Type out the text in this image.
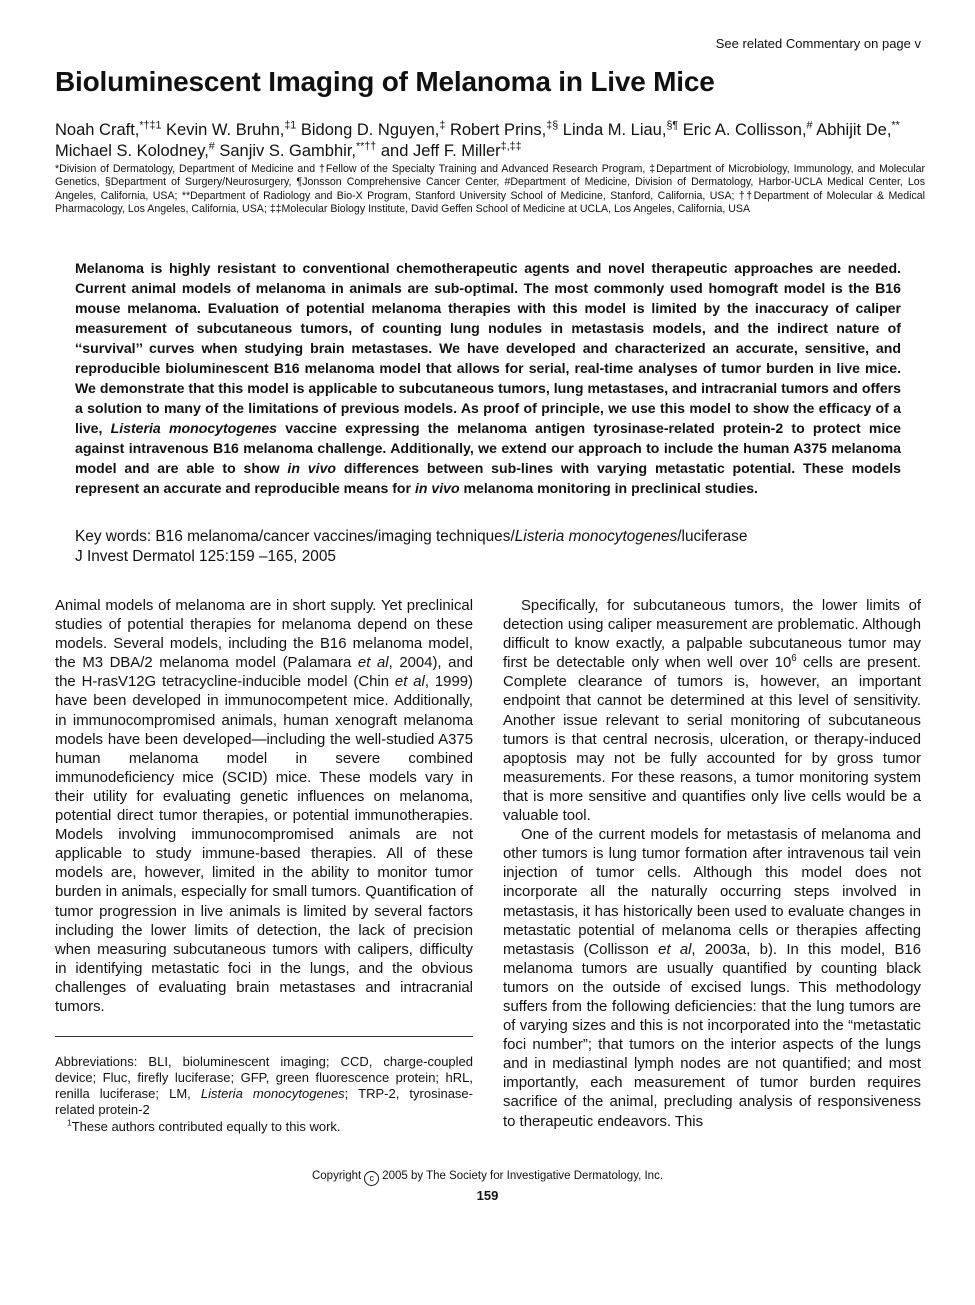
See related Commentary on page v
Bioluminescent Imaging of Melanoma in Live Mice
Noah Craft,$^{*\dagger\ddagger 1}$ Kevin W. Bruhn,$^{\ddagger 1}$ Bidong D. Nguyen,‡ Robert Prins,‡§ Linda M. Liau,§¶ Eric A. Collisson,# Abhijit De,** Michael S. Kolodney,# Sanjiv S. Gambhir,**†† and Jeff F. Miller‡,‡‡
*Division of Dermatology, Department of Medicine and †Fellow of the Specialty Training and Advanced Research Program, ‡Department of Microbiology, Immunology, and Molecular Genetics, §Department of Surgery/Neurosurgery, ¶Jonsson Comprehensive Cancer Center, #Department of Medicine, Division of Dermatology, Harbor-UCLA Medical Center, Los Angeles, California, USA; **Department of Radiology and Bio-X Program, Stanford University School of Medicine, Stanford, California, USA; ††Department of Molecular & Medical Pharmacology, Los Angeles, California, USA; ‡‡Molecular Biology Institute, David Geffen School of Medicine at UCLA, Los Angeles, California, USA
Melanoma is highly resistant to conventional chemotherapeutic agents and novel therapeutic approaches are needed. Current animal models of melanoma in animals are sub-optimal. The most commonly used homograft model is the B16 mouse melanoma. Evaluation of potential melanoma therapies with this model is limited by the inaccuracy of caliper measurement of subcutaneous tumors, of counting lung nodules in metastasis models, and the indirect nature of ‘‘survival’’ curves when studying brain metastases. We have developed and characterized an accurate, sensitive, and reproducible bioluminescent B16 melanoma model that allows for serial, real-time analyses of tumor burden in live mice. We demonstrate that this model is applicable to subcutaneous tumors, lung metastases, and intracranial tumors and offers a solution to many of the limitations of previous models. As proof of principle, we use this model to show the efficacy of a live, Listeria monocytogenes vaccine expressing the melanoma antigen tyrosinase-related protein-2 to protect mice against intravenous B16 melanoma challenge. Additionally, we extend our approach to include the human A375 melanoma model and are able to show in vivo differences between sub-lines with varying metastatic potential. These models represent an accurate and reproducible means for in vivo melanoma monitoring in preclinical studies.
Key words: B16 melanoma/cancer vaccines/imaging techniques/Listeria monocytogenes/luciferase
J Invest Dermatol 125:159 –165, 2005

Animal models of melanoma are in short supply. Yet preclinical studies of potential therapies for melanoma depend on these models. Several models, including the B16 melanoma model, the M3 DBA/2 melanoma model (Palamara et al, 2004), and the H-rasV12G tetracycline-inducible model (Chin et al, 1999) have been developed in immunocompetent mice. Additionally, in immunocompromised animals, human xenograft melanoma models have been developed—including the well-studied A375 human melanoma model in severe combined immunodeficiency mice (SCID) mice. These models vary in their utility for evaluating genetic influences on melanoma, potential direct tumor therapies, or potential immunotherapies. Models involving immunocompromised animals are not applicable to study immune-based therapies. All of these models are, however, limited in the ability to monitor tumor burden in animals, especially for small tumors. Quantification of tumor progression in live animals is limited by several factors including the lower limits of detection, the lack of precision when measuring subcutaneous tumors with calipers, difficulty in identifying metastatic foci in the lungs, and the obvious challenges of evaluating brain metastases and intracranial tumors.

Abbreviations: BLI, bioluminescent imaging; CCD, charge-coupled device; Fluc, firefly luciferase; GFP, green fluorescence protein; hRL, renilla luciferase; LM, Listeria monocytogenes; TRP-2, tyrosinase-related protein-2

$^1$These authors contributed equally to this work.

Specifically, for subcutaneous tumors, the lower limits of detection using caliper measurement are problematic. Although difficult to know exactly, a palpable subcutaneous tumor may first be detectable only when well over $10^6$ cells are present. Complete clearance of tumors is, however, an important endpoint that cannot be determined at this level of sensitivity. Another issue relevant to serial monitoring of subcutaneous tumors is that central necrosis, ulceration, or therapy-induced apoptosis may not be fully accounted for by gross tumor measurements. For these reasons, a tumor monitoring system that is more sensitive and quantifies only live cells would be a valuable tool.

One of the current models for metastasis of melanoma and other tumors is lung tumor formation after intravenous tail vein injection of tumor cells. Although this model does not incorporate all the naturally occurring steps involved in metastasis, it has historically been used to evaluate changes in metastatic potential of melanoma cells or therapies affecting metastasis (Collisson et al, 2003a, b). In this model, B16 melanoma tumors are usually quantified by counting black tumors on the outside of excised lungs. This methodology suffers from the following deficiencies: that the lung tumors are of varying sizes and this is not incorporated into the “metastatic foci number”; that tumors on the interior aspects of the lungs and in mediastinal lymph nodes are not quantified; and most importantly, each measurement of tumor burden requires sacrifice of the animal, precluding analysis of responsiveness to therapeutic endeavors. This

Copyright c 2005 by The Society for Investigative Dermatology, Inc.
159
